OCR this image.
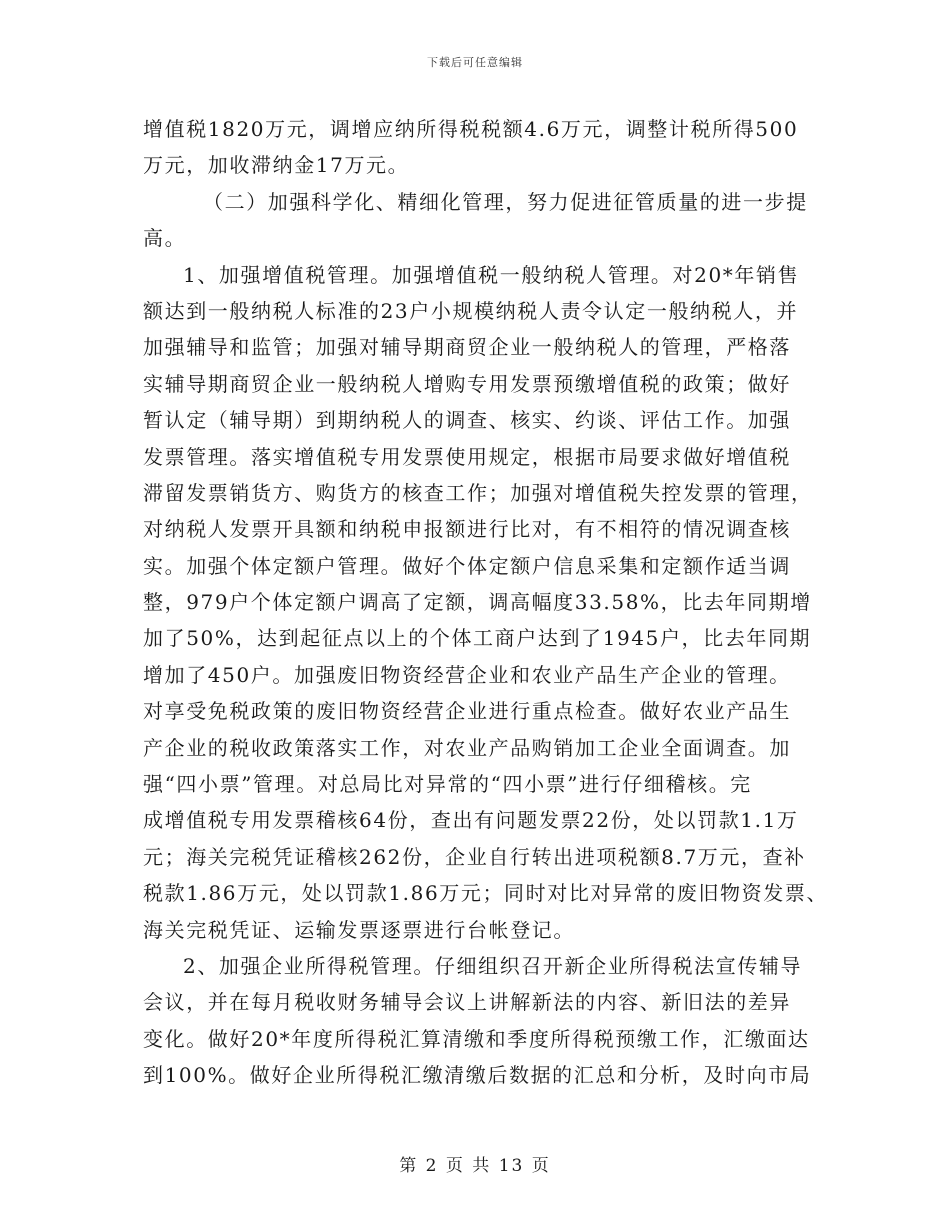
下载后可任意编辑
增值税1820万元，调增应纳所得税税额4.6万元，调整计税所得500
万元，加收滞纳金17万元。
（二）加强科学化、精细化管理，努力促进征管质量的进一步提
高。
1、加强增值税管理。加强增值税一般纳税人管理。对20*年销售
额达到一般纳税人标准的23户小规模纳税人责令认定一般纳税人，并
加强辅导和监管；加强对辅导期商贸企业一般纳税人的管理，严格落
实辅导期商贸企业一般纳税人增购专用发票预缴增值税的政策；做好
暂认定（辅导期）到期纳税人的调查、核实、约谈、评估工作。加强
发票管理。落实增值税专用发票使用规定，根据市局要求做好增值税
滞留发票销货方、购货方的核查工作；加强对增值税失控发票的管理，
对纳税人发票开具额和纳税申报额进行比对，有不相符的情况调查核
实。加强个体定额户管理。做好个体定额户信息采集和定额作适当调
整，979户个体定额户调高了定额，调高幅度33.58%，比去年同期增
加了50%，达到起征点以上的个体工商户达到了1945户，比去年同期
增加了450户。加强废旧物资经营企业和农业产品生产企业的管理。
对享受免税政策的废旧物资经营企业进行重点检查。做好农业产品生
产企业的税收政策落实工作，对农业产品购销加工企业全面调查。加
强“四小票”管理。对总局比对异常的“四小票”进行仔细稽核。完
成增值税专用发票稽核64份，查出有问题发票22份，处以罚款1.1万
元；海关完税凭证稽核262份，企业自行转出进项税额8.7万元，查补
税款1.86万元，处以罚款1.86万元；同时对比对异常的废旧物资发票、
海关完税凭证、运输发票逐票进行台帐登记。
2、加强企业所得税管理。仔细组织召开新企业所得税法宣传辅导
会议，并在每月税收财务辅导会议上讲解新法的内容、新旧法的差异
变化。做好20*年度所得税汇算清缴和季度所得税预缴工作，汇缴面达
到100%。做好企业所得税汇缴清缴后数据的汇总和分析，及时向市局
第 2 页 共 13 页
